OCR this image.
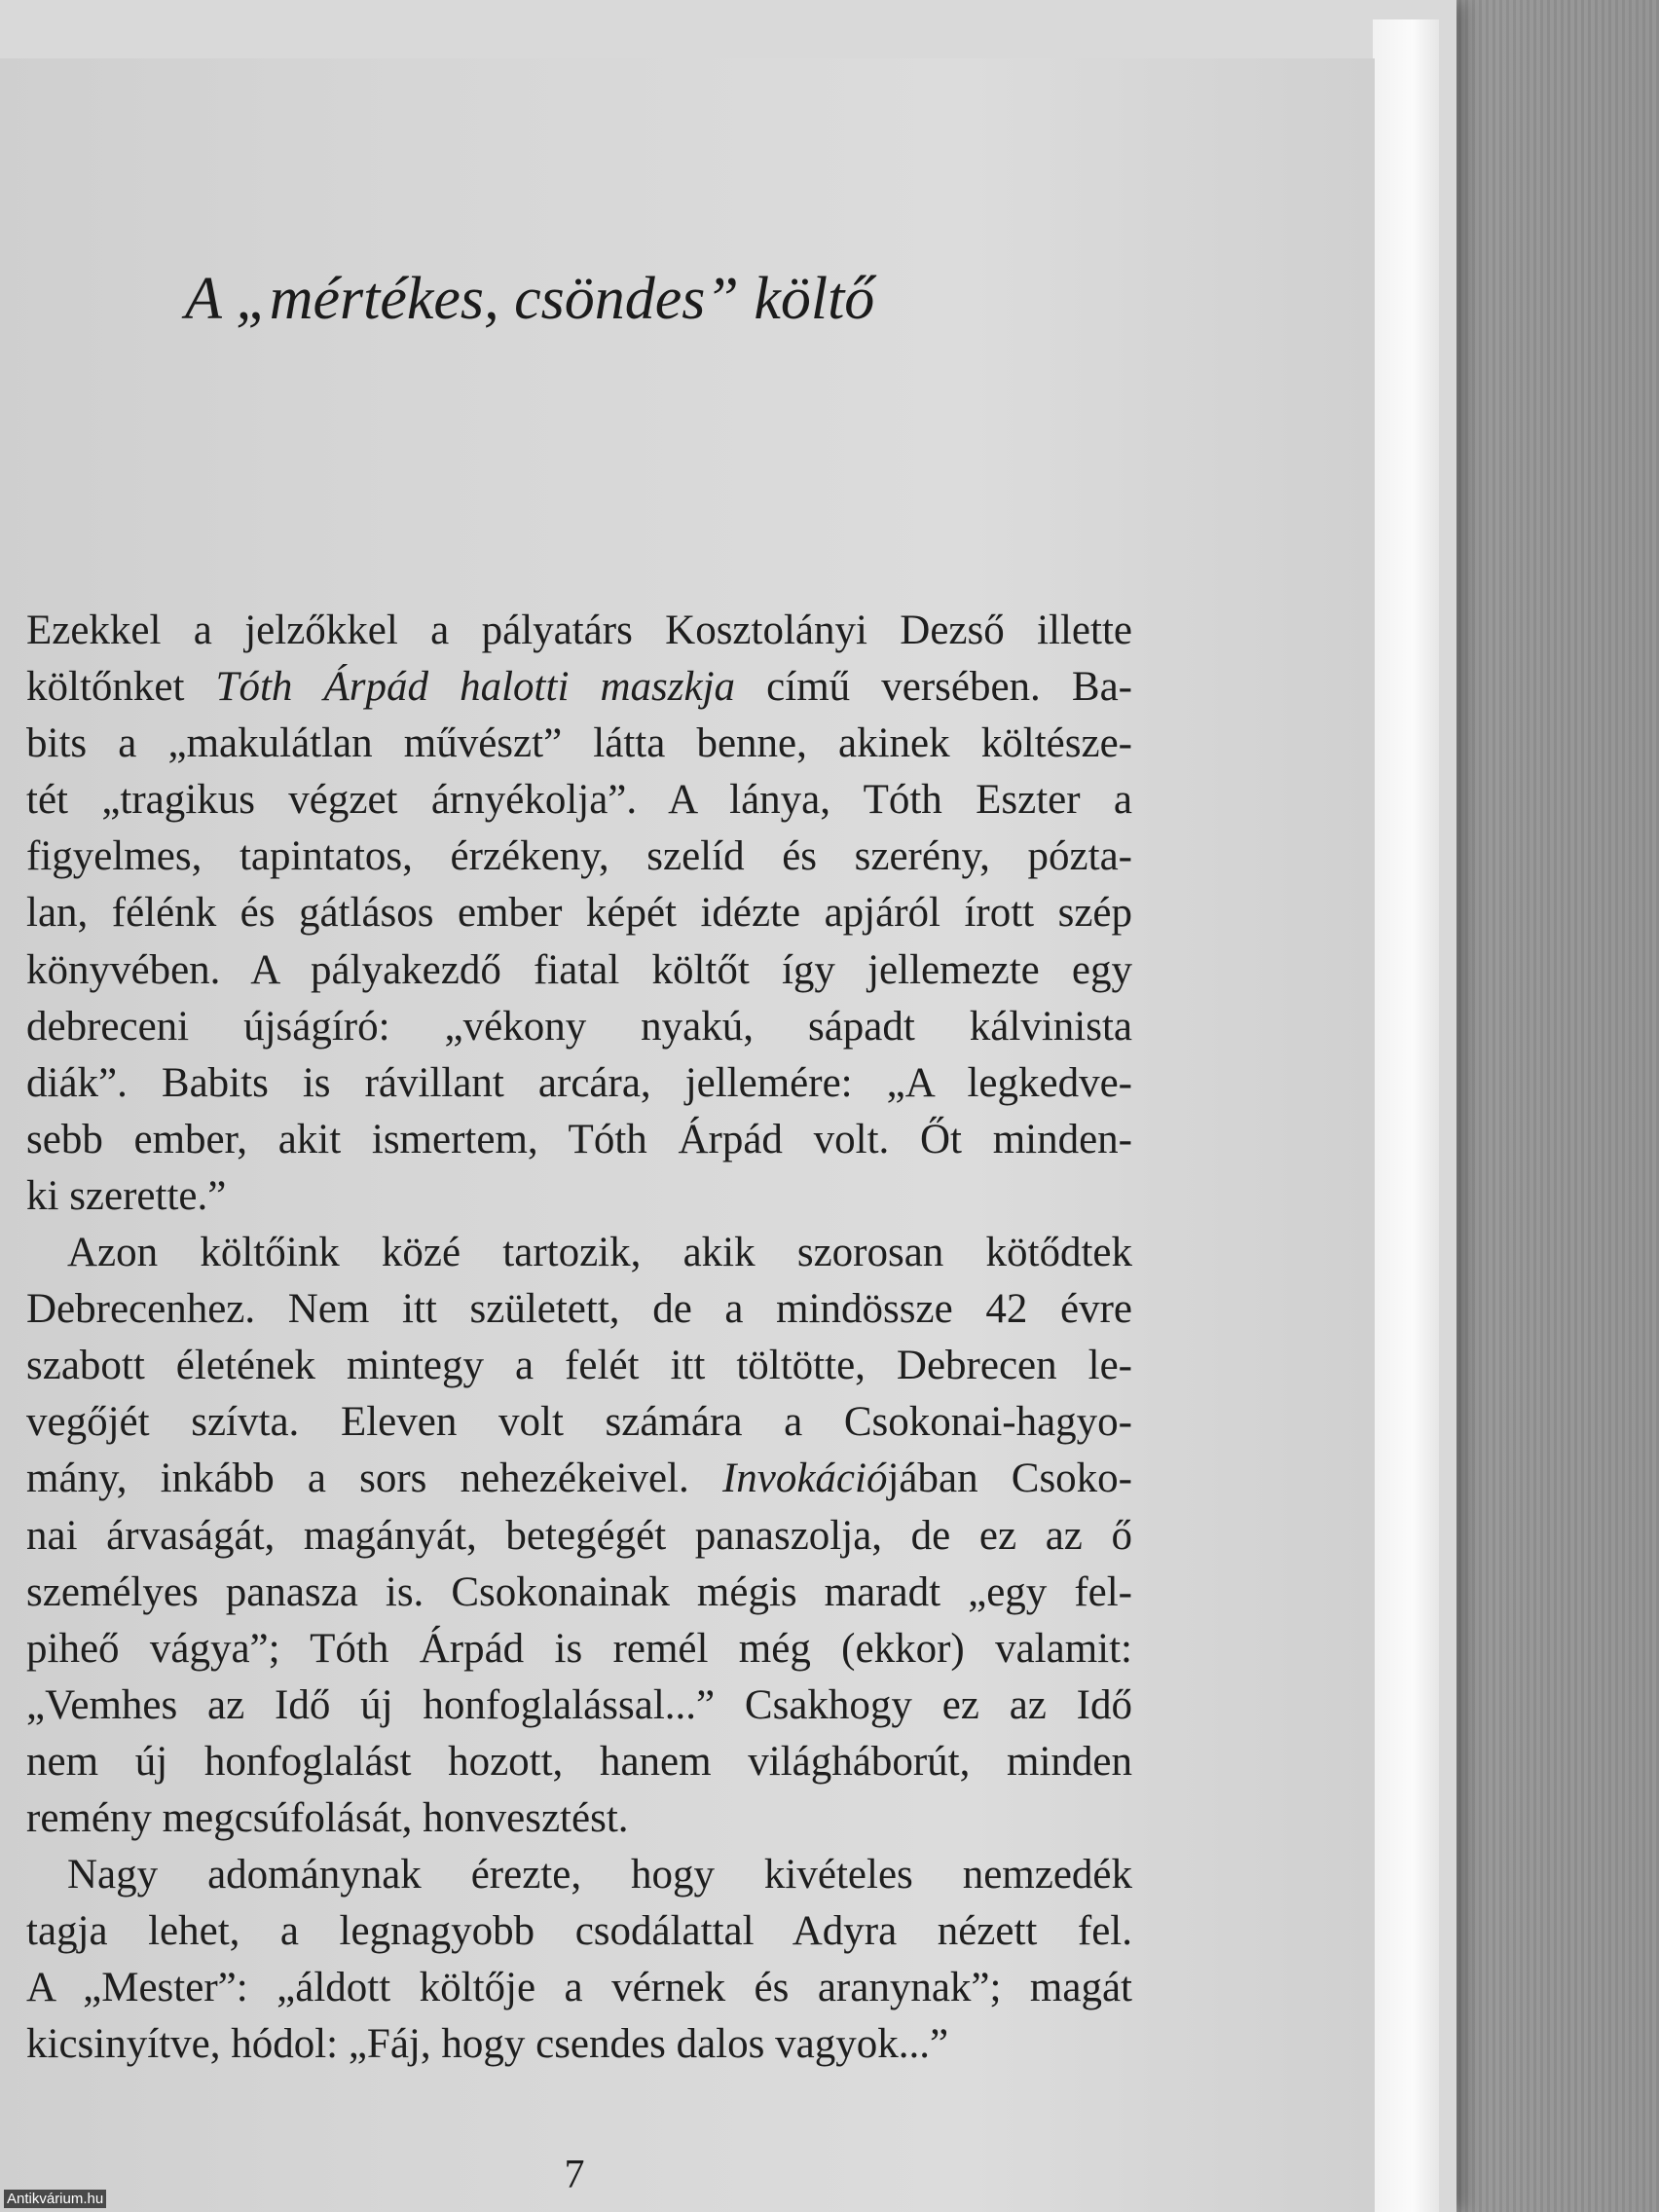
A „mértékes, csöndes” költő
Ezekkel a jelzőkkel a pályatárs Kosztolányi Dezső illette
költőnket Tóth Árpád halotti maszkja című versében. Ba-
bits a „makulátlan művészt” látta benne, akinek költésze-
tét „tragikus végzet árnyékolja”. A lánya, Tóth Eszter a
figyelmes, tapintatos, érzékeny, szelíd és szerény, pózta-
lan, félénk és gátlásos ember képét idézte apjáról írott szép
könyvében. A pályakezdő fiatal költőt így jellemezte egy
debreceni újságíró: „vékony nyakú, sápadt kálvinista
diák”. Babits is rávillant arcára, jellemére: „A legkedve-
sebb ember, akit ismertem, Tóth Árpád volt. Őt minden-
ki szerette.”
Azon költőink közé tartozik, akik szorosan kötődtek
Debrecenhez. Nem itt született, de a mindössze 42 évre
szabott életének mintegy a felét itt töltötte, Debrecen le-
vegőjét szívta. Eleven volt számára a Csokonai-hagyo-
mány, inkább a sors nehezékeivel. Invokációjában Csoko-
nai árvaságát, magányát, betegégét panaszolja, de ez az ő
személyes panasza is. Csokonainak mégis maradt „egy fel-
piheő vágya”; Tóth Árpád is remél még (ekkor) valamit:
„Vemhes az Idő új honfoglalással...” Csakhogy ez az Idő
nem új honfoglalást hozott, hanem világháborút, minden
remény megcsúfolását, honvesztést.
Nagy adománynak érezte, hogy kivételes nemzedék
tagja lehet, a legnagyobb csodálattal Adyra nézett fel.
A „Mester”: „áldott költője a vérnek és aranynak”; magát
kicsinyítve, hódol: „Fáj, hogy csendes dalos vagyok...”
7
Antikvárium.hu
